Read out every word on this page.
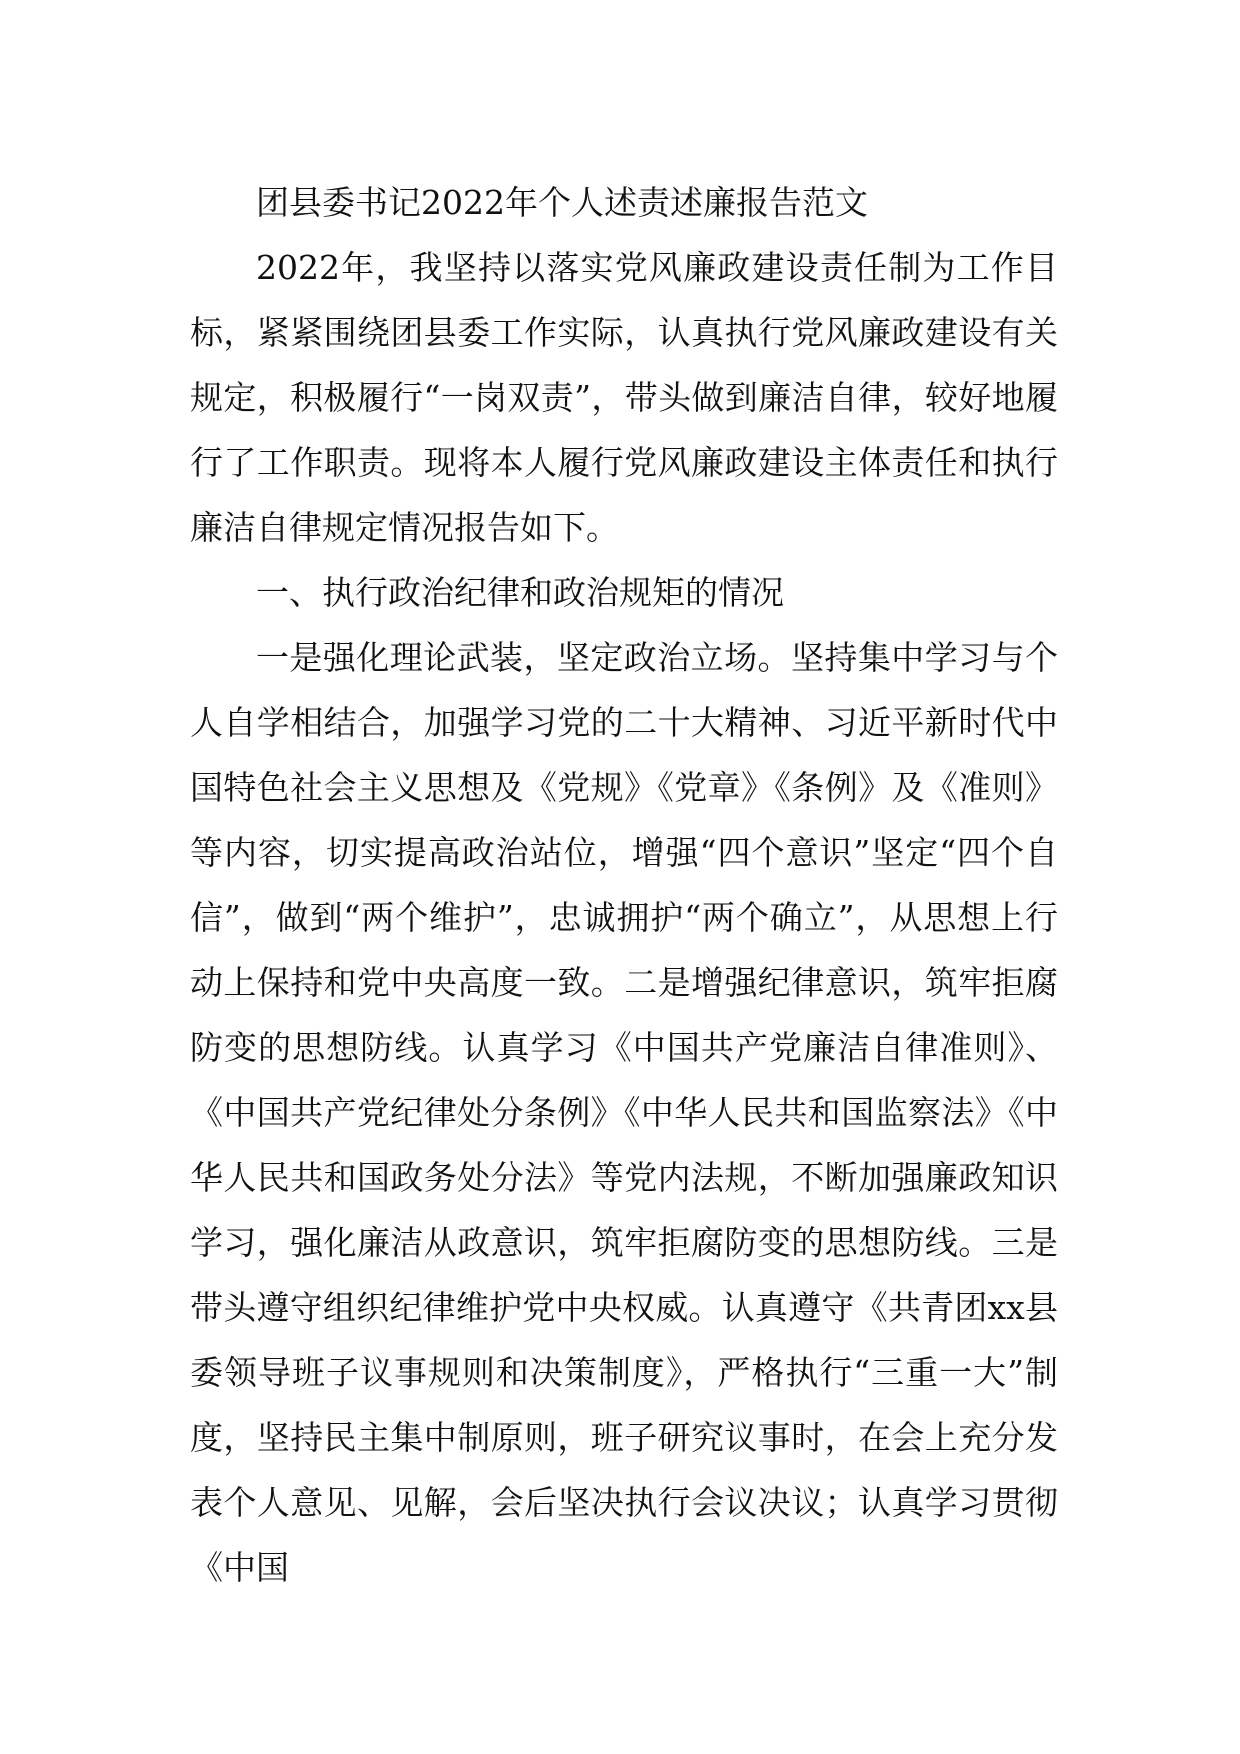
团县委书记2022年个人述责述廉报告范文

2022年，我坚持以落实党风廉政建设责任制为工作目标，紧紧围绕团县委工作实际，认真执行党风廉政建设有关规定，积极履行“一岗双责”，带头做到廉洁自律，较好地履行了工作职责。现将本人履行党风廉政建设主体责任和执行廉洁自律规定情况报告如下。

一、执行政治纪律和政治规矩的情况

一是强化理论武装，坚定政治立场。坚持集中学习与个人自学相结合，加强学习党的二十大精神、习近平新时代中国特色社会主义思想及《党规》《党章》《条例》及《准则》等内容，切实提高政治站位，增强“四个意识”坚定“四个自信”，做到“两个维护”，忠诚拥护“两个确立”，从思想上行动上保持和党中央高度一致。二是增强纪律意识，筑牢拒腐防变的思想防线。认真学习《中国共产党廉洁自律准则》、《中国共产党纪律处分条例》《中华人民共和国监察法》《中华人民共和国政务处分法》等党内法规，不断加强廉政知识学习，强化廉洁从政意识，筑牢拒腐防变的思想防线。三是带头遵守组织纪律维护党中央权威。认真遵守《共青团xx县委领导班子议事规则和决策制度》，严格执行“三重一大”制度，坚持民主集中制原则，班子研究议事时，在会上充分发表个人意见、见解，会后坚决执行会议决议；认真学习贯彻《中国
